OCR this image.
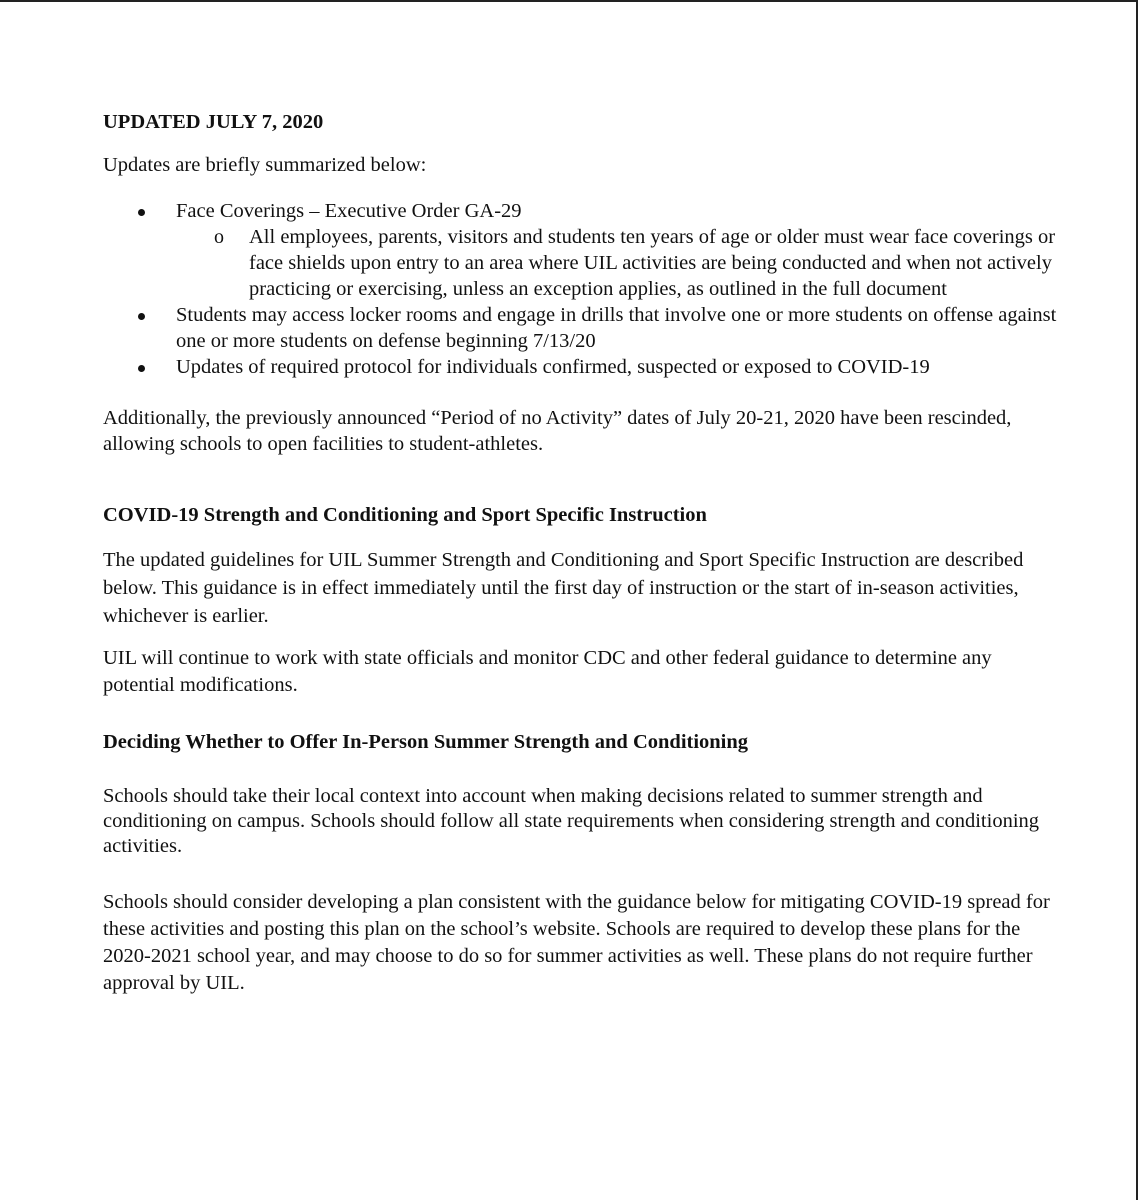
UPDATED JULY 7, 2020

Updates are briefly summarized below:

Face Coverings – Executive Order GA-29
o All employees, parents, visitors and students ten years of age or older must wear face coverings or face shields upon entry to an area where UIL activities are being conducted and when not actively practicing or exercising, unless an exception applies, as outlined in the full document
Students may access locker rooms and engage in drills that involve one or more students on offense against one or more students on defense beginning 7/13/20
Updates of required protocol for individuals confirmed, suspected or exposed to COVID-19

Additionally, the previously announced “Period of no Activity” dates of July 20-21, 2020 have been rescinded, allowing schools to open facilities to student-athletes.

COVID-19 Strength and Conditioning and Sport Specific Instruction

The updated guidelines for UIL Summer Strength and Conditioning and Sport Specific Instruction are described below. This guidance is in effect immediately until the first day of instruction or the start of in-season activities, whichever is earlier.

UIL will continue to work with state officials and monitor CDC and other federal guidance to determine any potential modifications.

Deciding Whether to Offer In-Person Summer Strength and Conditioning

Schools should take their local context into account when making decisions related to summer strength and conditioning on campus. Schools should follow all state requirements when considering strength and conditioning activities.

Schools should consider developing a plan consistent with the guidance below for mitigating COVID-19 spread for these activities and posting this plan on the school’s website. Schools are required to develop these plans for the 2020-2021 school year, and may choose to do so for summer activities as well. These plans do not require further approval by UIL.
